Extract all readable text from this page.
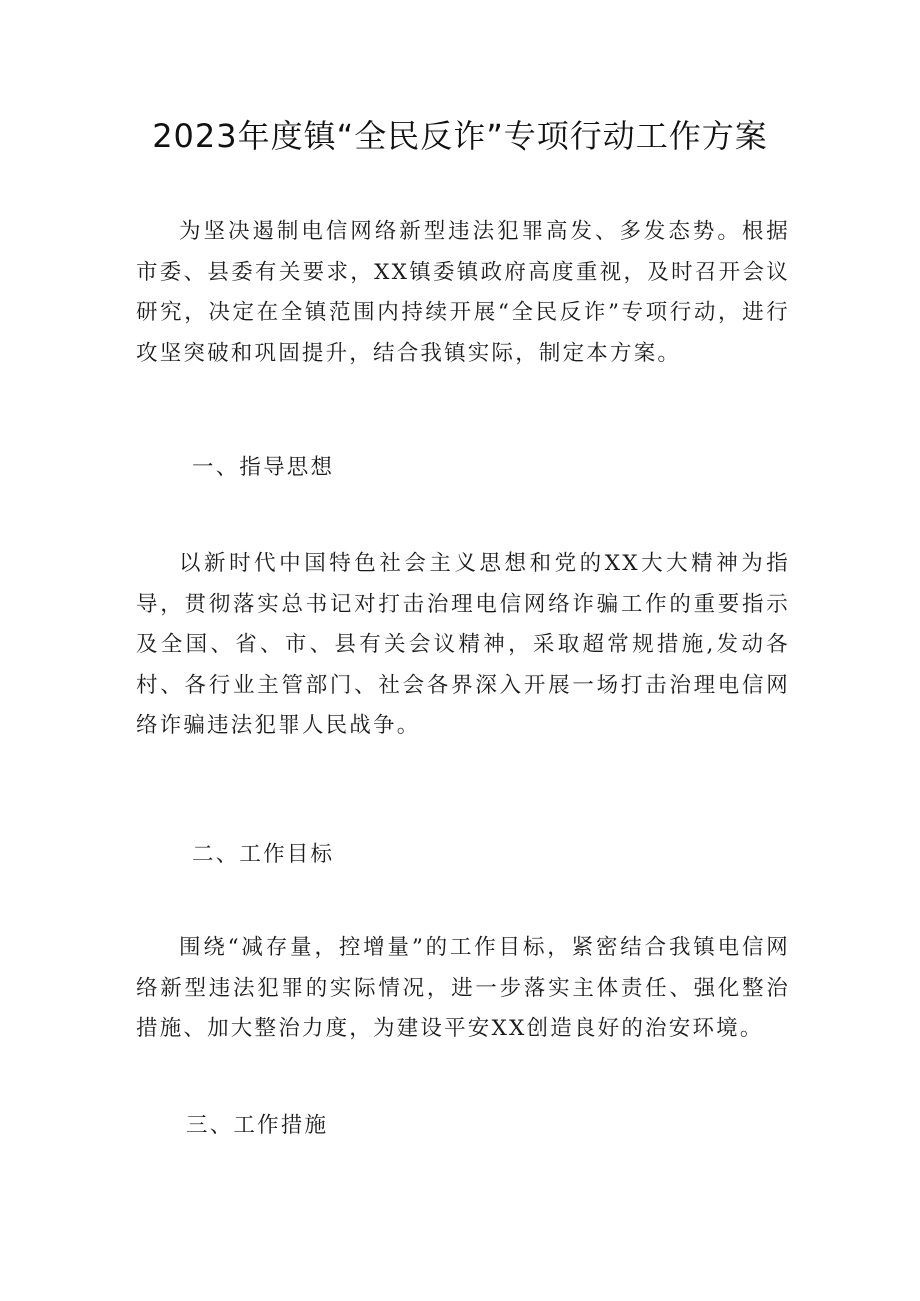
2023年度镇“全民反诈”专项行动工作方案

为坚决遏制电信网络新型违法犯罪高发、多发态势。根据市委、县委有关要求，XX镇委镇政府高度重视，及时召开会议研究，决定在全镇范围内持续开展“全民反诈”专项行动，进行攻坚突破和巩固提升，结合我镇实际，制定本方案。

一、指导思想

以新时代中国特色社会主义思想和党的XX大大精神为指导，贯彻落实总书记对打击治理电信网络诈骗工作的重要指示及全国、省、市、县有关会议精神，采取超常规措施,发动各村、各行业主管部门、社会各界深入开展一场打击治理电信网络诈骗违法犯罪人民战争。

二、工作目标

围绕“减存量，控增量”的工作目标，紧密结合我镇电信网络新型违法犯罪的实际情况，进一步落实主体责任、强化整治措施、加大整治力度，为建设平安XX创造良好的治安环境。

三、工作措施
